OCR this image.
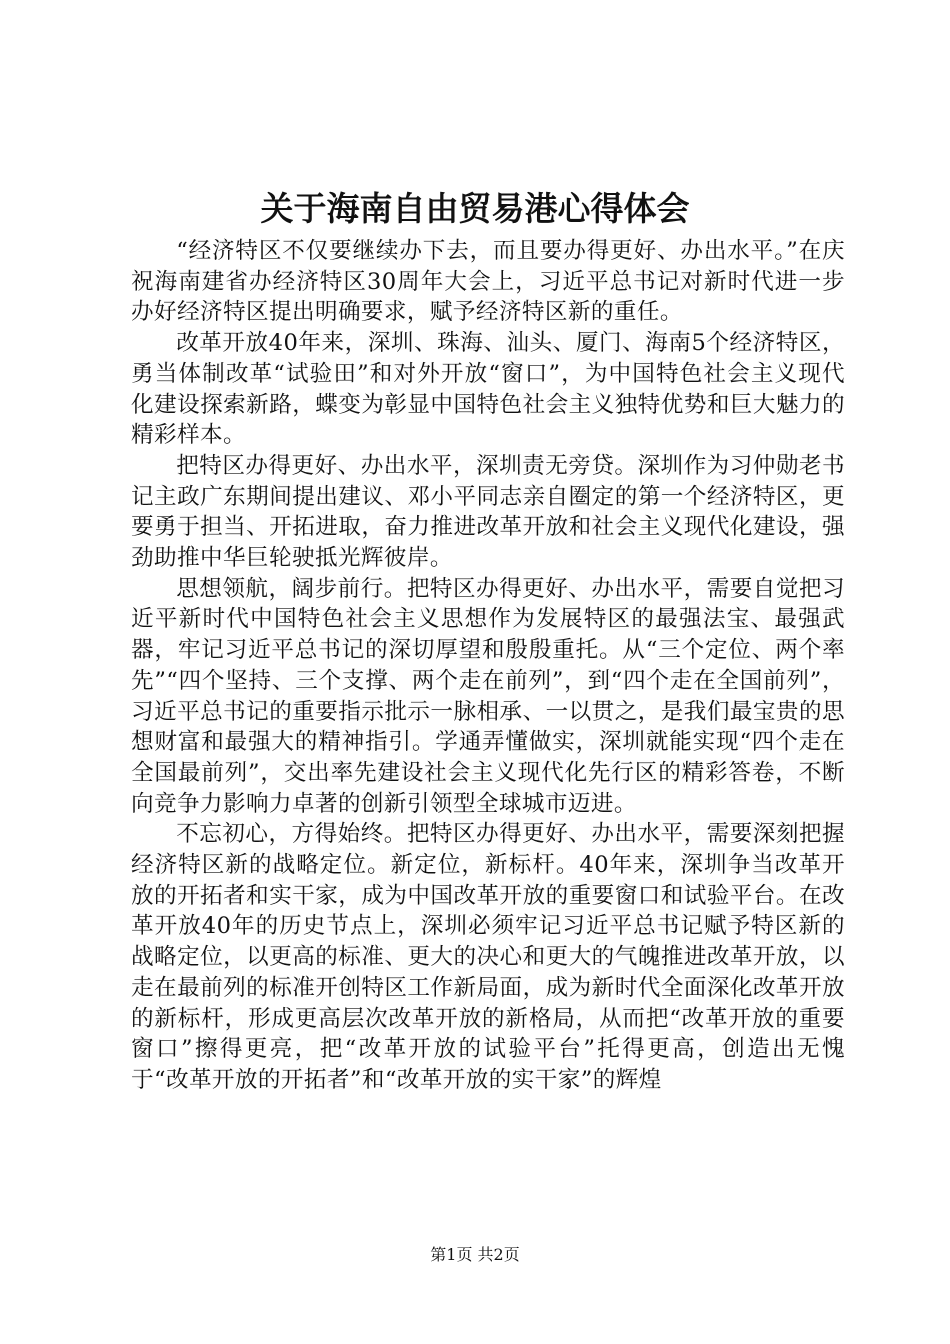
关于海南自由贸易港心得体会

“经济特区不仅要继续办下去，而且要办得更好、办出水平。”在庆祝海南建省办经济特区30周年大会上，习近平总书记对新时代进一步办好经济特区提出明确要求，赋予经济特区新的重任。

改革开放40年来，深圳、珠海、汕头、厦门、海南5个经济特区，勇当体制改革“试验田”和对外开放“窗口”，为中国特色社会主义现代化建设探索新路，蝶变为彰显中国特色社会主义独特优势和巨大魅力的精彩样本。

把特区办得更好、办出水平，深圳责无旁贷。深圳作为习仲勋老书记主政广东期间提出建议、邓小平同志亲自圈定的第一个经济特区，更要勇于担当、开拓进取，奋力推进改革开放和社会主义现代化建设，强劲助推中华巨轮驶抵光辉彼岸。

思想领航，阔步前行。把特区办得更好、办出水平，需要自觉把习近平新时代中国特色社会主义思想作为发展特区的最强法宝、最强武器，牢记习近平总书记的深切厚望和殷殷重托。从“三个定位、两个率先”“四个坚持、三个支撑、两个走在前列”，到“四个走在全国前列”，习近平总书记的重要指示批示一脉相承、一以贯之，是我们最宝贵的思想财富和最强大的精神指引。学通弄懂做实，深圳就能实现“四个走在全国最前列”，交出率先建设社会主义现代化先行区的精彩答卷，不断向竞争力影响力卓著的创新引领型全球城市迈进。

不忘初心，方得始终。把特区办得更好、办出水平，需要深刻把握经济特区新的战略定位。新定位，新标杆。40年来，深圳争当改革开放的开拓者和实干家，成为中国改革开放的重要窗口和试验平台。在改革开放40年的历史节点上，深圳必须牢记习近平总书记赋予特区新的战略定位，以更高的标准、更大的决心和更大的气魄推进改革开放，以走在最前列的标准开创特区工作新局面，成为新时代全面深化改革开放的新标杆，形成更高层次改革开放的新格局，从而把“改革开放的重要窗口”擦得更亮，把“改革开放的试验平台”托得更高，创造出无愧于“改革开放的开拓者”和“改革开放的实干家”的辉煌

第1页 共2页
